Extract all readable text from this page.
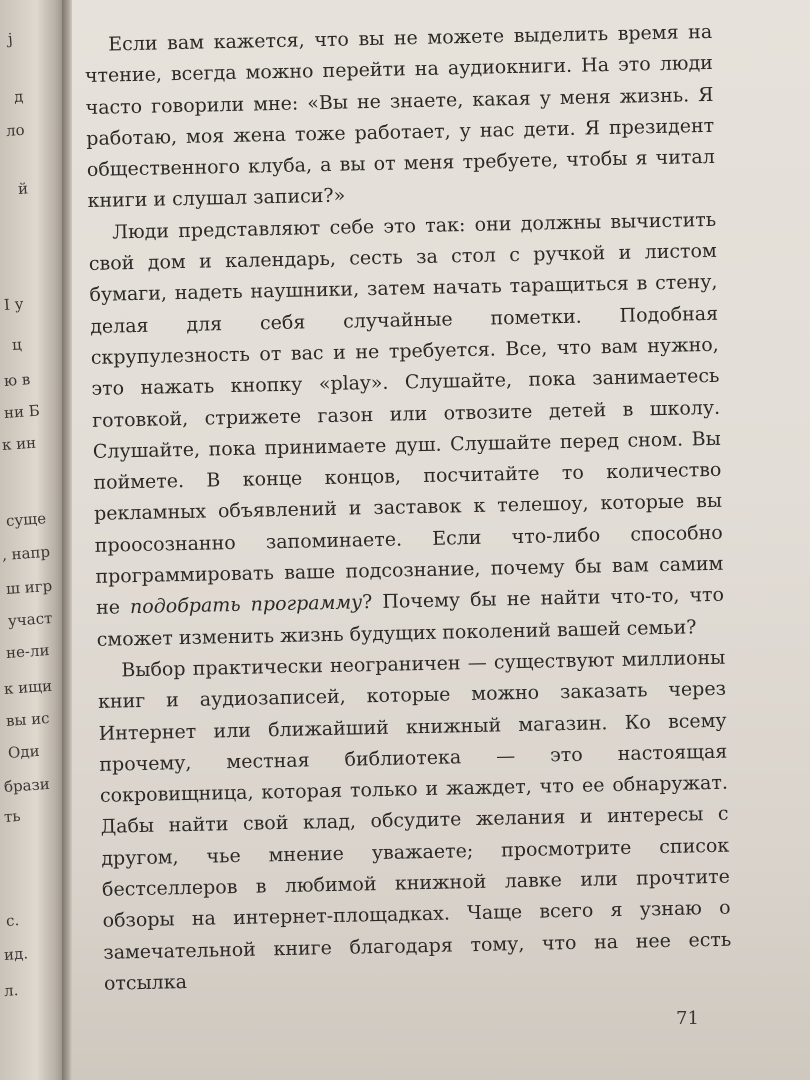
ј
д
ло
й
I у
ц
ю в
ни Б
к ин
суще
, напр
ш игр
участ
не-ли
к ищи
вы ис
Оди
брази
ть
с.
ид.
л.

Если вам кажется, что вы не можете выделить время на чтение, всегда можно перейти на аудиокниги. На это люди часто говорили мне: «Вы не знаете, какая у меня жизнь. Я работаю, моя жена тоже работает, у нас дети. Я президент общественного клуба, а вы от меня требуете, чтобы я читал книги и слушал записи?»

Люди представляют себе это так: они должны вычистить свой дом и календарь, сесть за стол с ручкой и листом бумаги, надеть наушники, затем начать таращиться в стену, делая для себя случайные пометки. Подобная скрупулезность от вас и не требуется. Все, что вам нужно, это нажать кнопку «play». Слушайте, пока занимаетесь готовкой, стрижете газон или отвозите детей в школу. Слушайте, пока принимаете душ. Слушайте перед сном. Вы поймете. В конце концов, посчитайте то количество рекламных объявлений и заставок к телешоу, которые вы проосознанно запоминаете. Если что-либо способно программировать ваше подсознание, почему бы вам самим не подобрать программу? Почему бы не найти что-то, что сможет изменить жизнь будущих поколений вашей семьи?

Выбор практически неограничен — существуют миллионы книг и аудиозаписей, которые можно заказать через Интернет или ближайший книжный магазин. Ко всему прочему, местная библиотека — это настоящая сокровищница, которая только и жаждет, что ее обнаружат. Дабы найти свой клад, обсудите желания и интересы с другом, чье мнение уважаете; просмотрите список бестселлеров в любимой книжной лавке или прочтите обзоры на интернет-площадках. Чаще всего я узнаю о замечательной книге благодаря тому, что на нее есть отсылка

71
